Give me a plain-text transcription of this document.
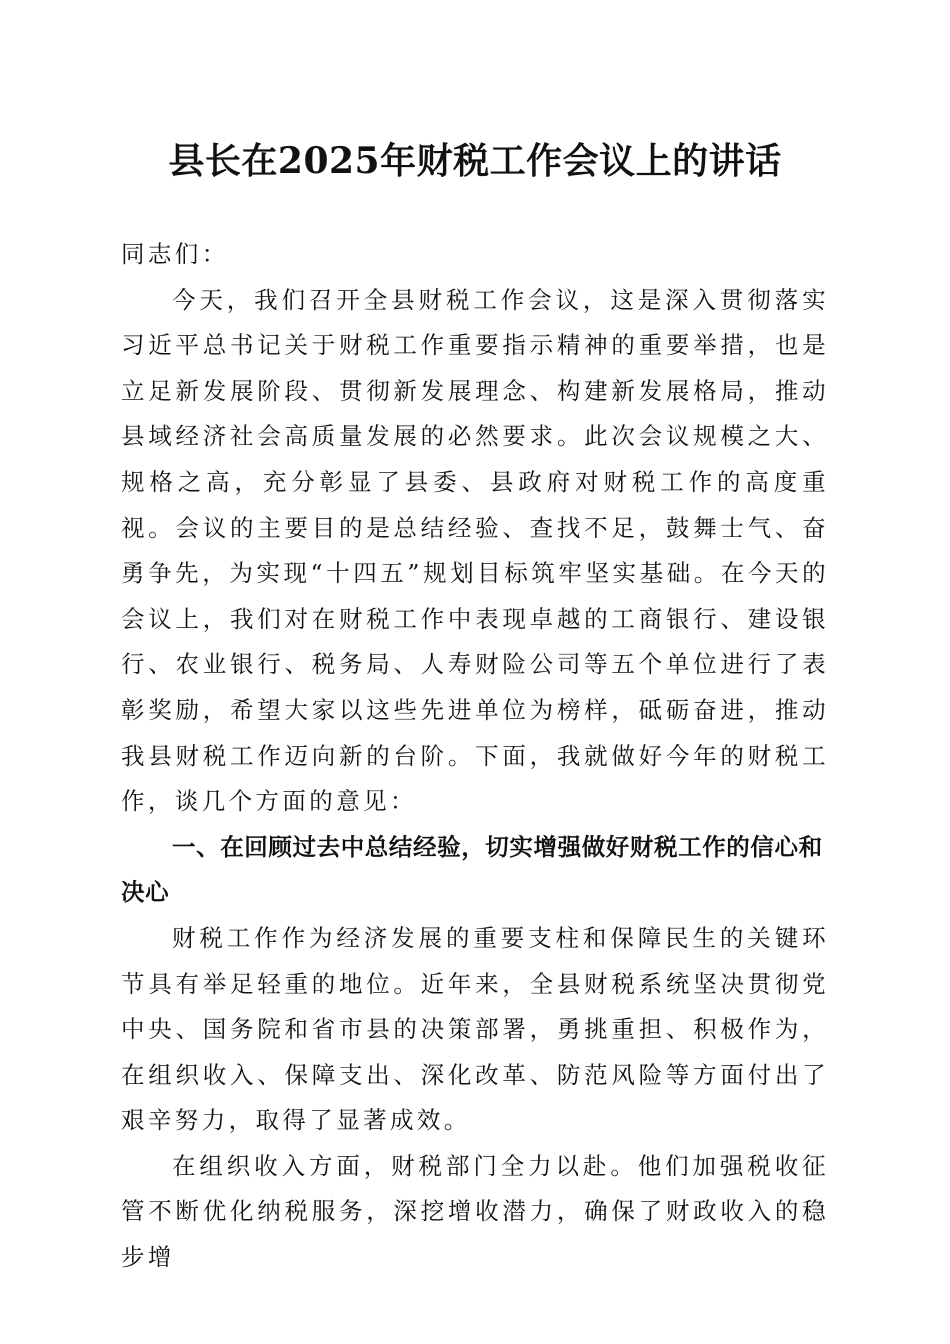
县长在2025年财税工作会议上的讲话

同志们：

今天，我们召开全县财税工作会议，这是深入贯彻落实习近平总书记关于财税工作重要指示精神的重要举措，也是立足新发展阶段、贯彻新发展理念、构建新发展格局，推动县域经济社会高质量发展的必然要求。此次会议规模之大、规格之高，充分彰显了县委、县政府对财税工作的高度重视。会议的主要目的是总结经验、查找不足，鼓舞士气、奋勇争先，为实现“十四五”规划目标筑牢坚实基础。在今天的会议上，我们对在财税工作中表现卓越的工商银行、建设银行、农业银行、税务局、人寿财险公司等五个单位进行了表彰奖励，希望大家以这些先进单位为榜样，砥砺奋进，推动我县财税工作迈向新的台阶。下面，我就做好今年的财税工作，谈几个方面的意见：

一、在回顾过去中总结经验，切实增强做好财税工作的信心和决心

财税工作作为经济发展的重要支柱和保障民生的关键环节具有举足轻重的地位。近年来，全县财税系统坚决贯彻党中央、国务院和省市县的决策部署，勇挑重担、积极作为，在组织收入、保障支出、深化改革、防范风险等方面付出了艰辛努力，取得了显著成效。

在组织收入方面，财税部门全力以赴。他们加强税收征管不断优化纳税服务，深挖增收潜力，确保了财政收入的稳步增
